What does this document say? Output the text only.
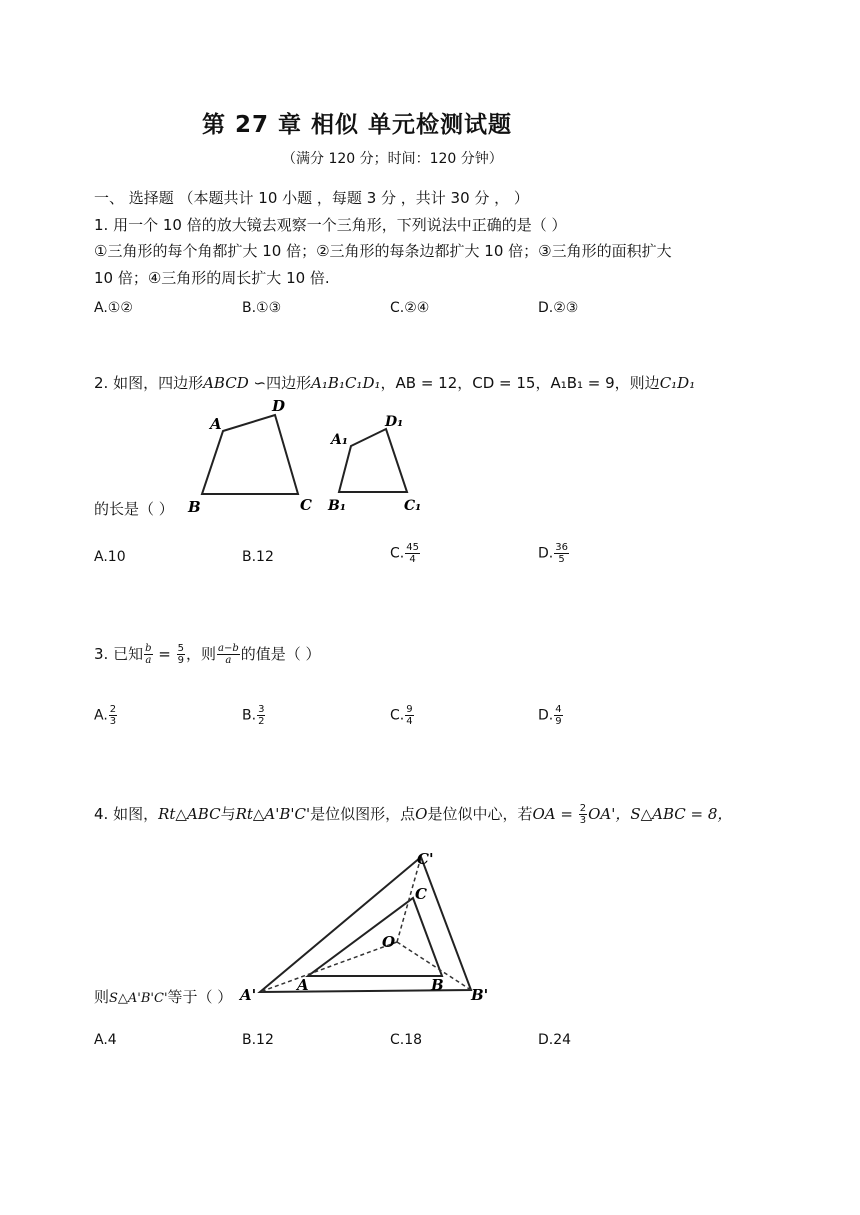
第 27 章 相似 单元检测试题
（满分 120 分；时间：120 分钟）
一、 选择题 （本题共计 10 小题 ，每题 3 分 ，共计 30 分 ， ）
1. 用一个 10 倍的放大镜去观察一个三角形，下列说法中正确的是（ ）
①三角形的每个角都扩大 10 倍；②三角形的每条边都扩大 10 倍；③三角形的面积扩大
10 倍；④三角形的周长扩大 10 倍.
A.①②	B.①③	C.②④	D.②③
2. 如图，四边形ABCD ∽四边形A₁B₁C₁D₁，AB = 12，CD = 15，A₁B₁ = 9，则边C₁D₁
A
D
B	C
A₁
D₁
B₁	C₁
的长是（ ）
A.10	B.12	C. $\frac{45}{4}$	D. $\frac{36}{5}$
3. 已知 $\frac{b}{a} = \frac{5}{9}$ ，则 $\frac{a-b}{a}$ 的值是（ ）
A. $\frac{2}{3}$	B. $\frac{3}{2}$	C. $\frac{9}{4}$	D. $\frac{4}{9}$
4. 如图，Rt△ABC与Rt△A'B'C'是位似图形，点O是位似中心，若OA = $\frac{2}{3} OA'$，S△ABC = 8，
C'
C
O
A'
A	B
B'
则S△A'B'C'等于（ ）
A.4	B.12	C.18	D.24
